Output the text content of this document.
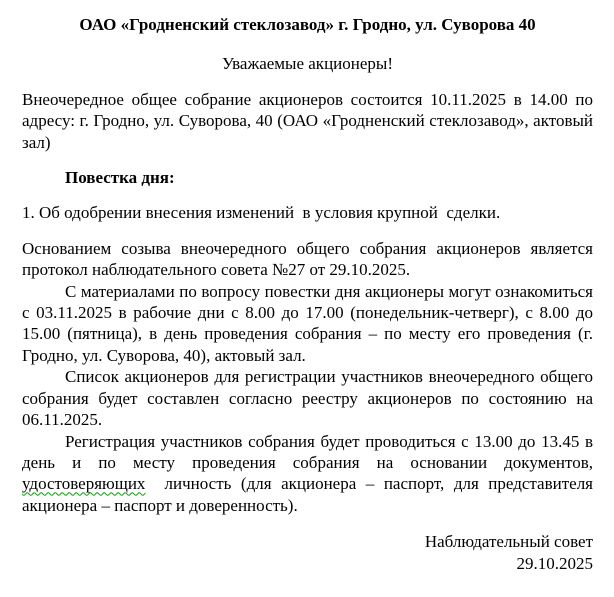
ОАО «Гродненский стеклозавод» г. Гродно, ул. Суворова 40

Уважаемые акционеры!

Внеочередное общее собрание акционеров состоится 10.11.2025 в 14.00 по адресу: г. Гродно, ул. Суворова, 40 (ОАО «Гродненский стеклозавод», актовый зал)

Повестка дня:

1. Об одобрении внесения изменений  в условия крупной  сделки.

Основанием созыва внеочередного общего собрания акционеров является протокол наблюдательного совета №27 от 29.10.2025.

С материалами по вопросу повестки дня акционеры могут ознакомиться с 03.11.2025 в рабочие дни с 8.00 до 17.00 (понедельник-четверг), с 8.00 до 15.00 (пятница), в день проведения собрания – по месту его проведения (г. Гродно, ул. Суворова, 40), актовый зал.

Список акционеров для регистрации участников внеочередного общего собрания будет составлен согласно реестру акционеров по состоянию на 06.11.2025.

Регистрация участников собрания будет проводиться с 13.00 до 13.45 в день и по месту проведения собрания на основании документов, удостоверяющих  личность (для акционера – паспорт, для представителя акционера – паспорт и доверенность).

Наблюдательный совет

29.10.2025
